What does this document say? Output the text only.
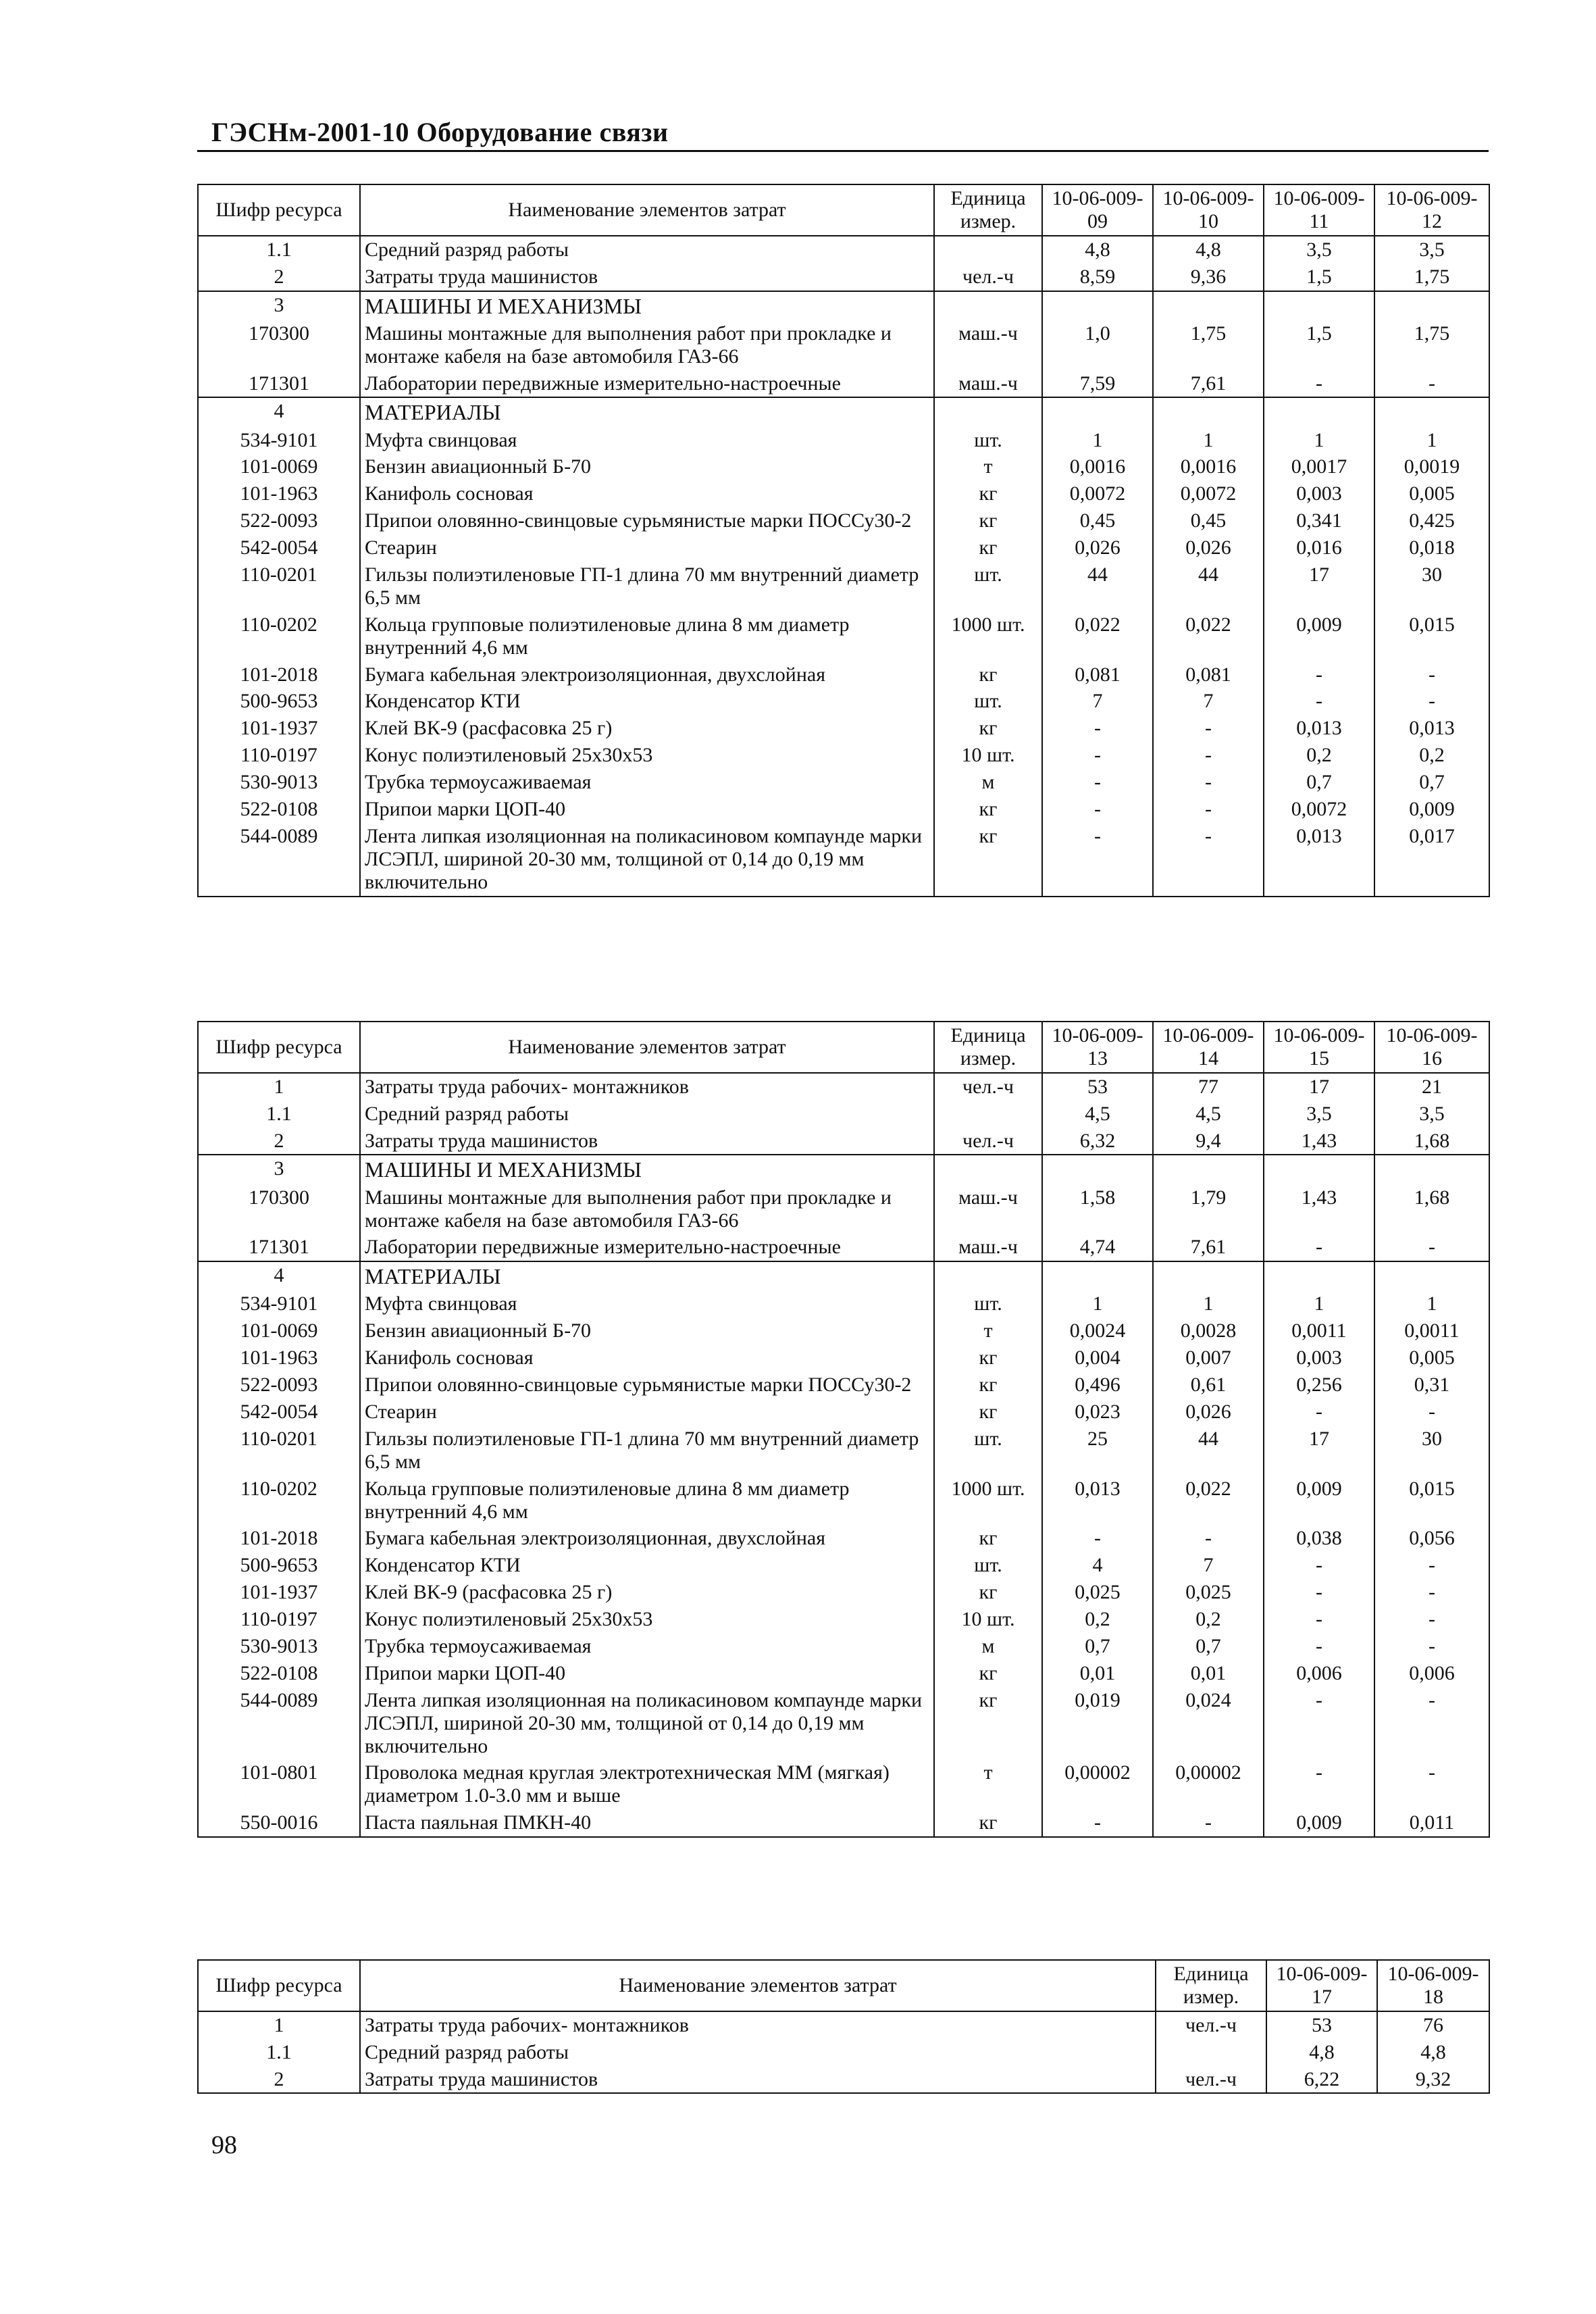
ГЭСНм-2001-10 Оборудование связи
Шифр ресурса	Наименование элементов затрат	Единица измер.	10-06-009-09	10-06-009-10	10-06-009-11	10-06-009-12
1.1	Средний разряд работы		4,8	4,8	3,5	3,5
2	Затраты труда машинистов	чел.-ч	8,59	9,36	1,5	1,75
3	МАШИНЫ И МЕХАНИЗМЫ					
170300	Машины монтажные для выполнения работ при прокладке и монтаже кабеля на базе автомобиля ГАЗ-66	маш.-ч	1,0	1,75	1,5	1,75
171301	Лаборатории передвижные измерительно-настроечные	маш.-ч	7,59	7,61	-	-
4	МАТЕРИАЛЫ					
534-9101	Муфта свинцовая	шт.	1	1	1	1
101-0069	Бензин авиационный Б-70	т	0,0016	0,0016	0,0017	0,0019
101-1963	Канифоль сосновая	кг	0,0072	0,0072	0,003	0,005
522-0093	Припои оловянно-свинцовые сурьмянистые марки ПОССу30-2	кг	0,45	0,45	0,341	0,425
542-0054	Стеарин	кг	0,026	0,026	0,016	0,018
110-0201	Гильзы полиэтиленовые ГП-1 длина 70 мм внутренний диаметр 6,5 мм	шт.	44	44	17	30
110-0202	Кольца групповые полиэтиленовые длина 8 мм диаметр внутренний 4,6 мм	1000 шт.	0,022	0,022	0,009	0,015
101-2018	Бумага кабельная электроизоляционная, двухслойная	кг	0,081	0,081	-	-
500-9653	Конденсатор КТИ	шт.	7	7	-	-
101-1937	Клей ВК-9 (расфасовка 25 г)	кг	-	-	0,013	0,013
110-0197	Конус полиэтиленовый 25x30x53	10 шт.	-	-	0,2	0,2
530-9013	Трубка термоусаживаемая	м	-	-	0,7	0,7
522-0108	Припои марки ЦОП-40	кг	-	-	0,0072	0,009
544-0089	Лента липкая изоляционная на поликасиновом компаунде марки ЛСЭПЛ, шириной 20-30 мм, толщиной от 0,14 до 0,19 мм включительно	кг	-	-	0,013	0,017
Шифр ресурса	Наименование элементов затрат	Единица измер.	10-06-009-13	10-06-009-14	10-06-009-15	10-06-009-16
1	Затраты труда рабочих- монтажников	чел.-ч	53	77	17	21
1.1	Средний разряд работы		4,5	4,5	3,5	3,5
2	Затраты труда машинистов	чел.-ч	6,32	9,4	1,43	1,68
3	МАШИНЫ И МЕХАНИЗМЫ					
170300	Машины монтажные для выполнения работ при прокладке и монтаже кабеля на базе автомобиля ГАЗ-66	маш.-ч	1,58	1,79	1,43	1,68
171301	Лаборатории передвижные измерительно-настроечные	маш.-ч	4,74	7,61	-	-
4	МАТЕРИАЛЫ					
534-9101	Муфта свинцовая	шт.	1	1	1	1
101-0069	Бензин авиационный Б-70	т	0,0024	0,0028	0,0011	0,0011
101-1963	Канифоль сосновая	кг	0,004	0,007	0,003	0,005
522-0093	Припои оловянно-свинцовые сурьмянистые марки ПОССу30-2	кг	0,496	0,61	0,256	0,31
542-0054	Стеарин	кг	0,023	0,026	-	-
110-0201	Гильзы полиэтиленовые ГП-1 длина 70 мм внутренний диаметр 6,5 мм	шт.	25	44	17	30
110-0202	Кольца групповые полиэтиленовые длина 8 мм диаметр внутренний 4,6 мм	1000 шт.	0,013	0,022	0,009	0,015
101-2018	Бумага кабельная электроизоляционная, двухслойная	кг	-	-	0,038	0,056
500-9653	Конденсатор КТИ	шт.	4	7	-	-
101-1937	Клей ВК-9 (расфасовка 25 г)	кг	0,025	0,025	-	-
110-0197	Конус полиэтиленовый 25x30x53	10 шт.	0,2	0,2	-	-
530-9013	Трубка термоусаживаемая	м	0,7	0,7	-	-
522-0108	Припои марки ЦОП-40	кг	0,01	0,01	0,006	0,006
544-0089	Лента липкая изоляционная на поликасиновом компаунде марки ЛСЭПЛ, шириной 20-30 мм, толщиной от 0,14 до 0,19 мм включительно	кг	0,019	0,024	-	-
101-0801	Проволока медная круглая электротехническая ММ (мягкая) диаметром 1.0-3.0 мм и выше	т	0,00002	0,00002	-	-
550-0016	Паста паяльная ПМКН-40	кг	-	-	0,009	0,011
Шифр ресурса	Наименование элементов затрат	Единица измер.	10-06-009-17	10-06-009-18
1	Затраты труда рабочих- монтажников	чел.-ч	53	76
1.1	Средний разряд работы		4,8	4,8
2	Затраты труда машинистов	чел.-ч	6,22	9,32
98
